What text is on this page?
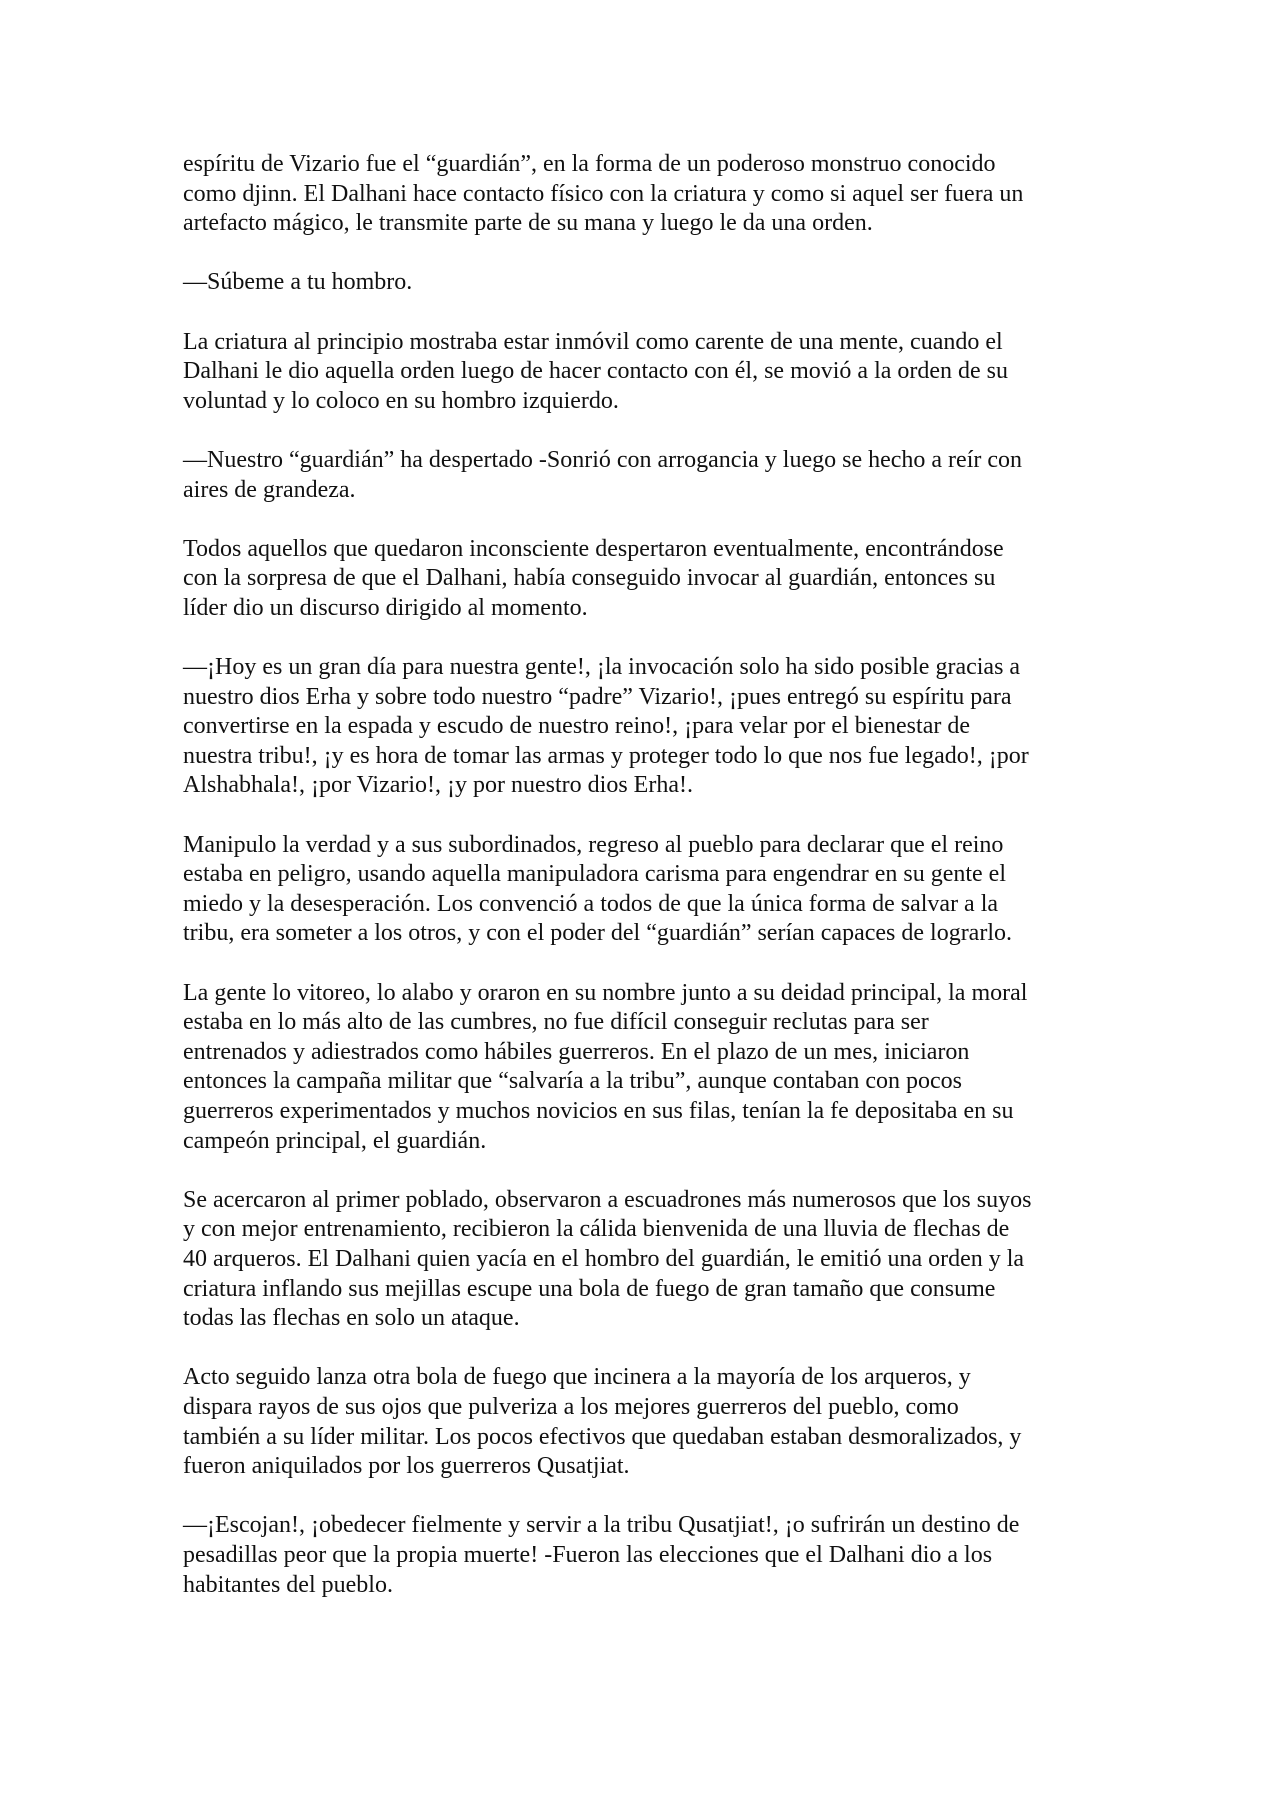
espíritu de Vizario fue el “guardián”, en la forma de un poderoso monstruo conocido
como djinn. El Dalhani hace contacto físico con la criatura y como si aquel ser fuera un
artefacto mágico, le transmite parte de su mana y luego le da una orden.

—Súbeme a tu hombro.

La criatura al principio mostraba estar inmóvil como carente de una mente, cuando el
Dalhani le dio aquella orden luego de hacer contacto con él, se movió a la orden de su
voluntad y lo coloco en su hombro izquierdo.

—Nuestro “guardián” ha despertado -Sonrió con arrogancia y luego se hecho a reír con
aires de grandeza.

Todos aquellos que quedaron inconsciente despertaron eventualmente, encontrándose
con la sorpresa de que el Dalhani, había conseguido invocar al guardián, entonces su
líder dio un discurso dirigido al momento.

—¡Hoy es un gran día para nuestra gente!, ¡la invocación solo ha sido posible gracias a
nuestro dios Erha y sobre todo nuestro “padre” Vizario!, ¡pues entregó su espíritu para
convertirse en la espada y escudo de nuestro reino!, ¡para velar por el bienestar de
nuestra tribu!, ¡y es hora de tomar las armas y proteger todo lo que nos fue legado!, ¡por
Alshabhala!, ¡por Vizario!, ¡y por nuestro dios Erha!.

Manipulo la verdad y a sus subordinados, regreso al pueblo para declarar que el reino
estaba en peligro, usando aquella manipuladora carisma para engendrar en su gente el
miedo y la desesperación. Los convenció a todos de que la única forma de salvar a la
tribu, era someter a los otros, y con el poder del “guardián” serían capaces de lograrlo.

La gente lo vitoreo, lo alabo y oraron en su nombre junto a su deidad principal, la moral
estaba en lo más alto de las cumbres, no fue difícil conseguir reclutas para ser
entrenados y adiestrados como hábiles guerreros. En el plazo de un mes, iniciaron
entonces la campaña militar que “salvaría a la tribu”, aunque contaban con pocos
guerreros experimentados y muchos novicios en sus filas, tenían la fe depositaba en su
campeón principal, el guardián.

Se acercaron al primer poblado, observaron a escuadrones más numerosos que los suyos
y con mejor entrenamiento, recibieron la cálida bienvenida de una lluvia de flechas de
40 arqueros. El Dalhani quien yacía en el hombro del guardián, le emitió una orden y la
criatura inflando sus mejillas escupe una bola de fuego de gran tamaño que consume
todas las flechas en solo un ataque.

Acto seguido lanza otra bola de fuego que incinera a la mayoría de los arqueros, y
dispara rayos de sus ojos que pulveriza a los mejores guerreros del pueblo, como
también a su líder militar. Los pocos efectivos que quedaban estaban desmoralizados, y
fueron aniquilados por los guerreros Qusatjiat.

—¡Escojan!, ¡obedecer fielmente y servir a la tribu Qusatjiat!, ¡o sufrirán un destino de
pesadillas peor que la propia muerte! -Fueron las elecciones que el Dalhani dio a los
habitantes del pueblo.
